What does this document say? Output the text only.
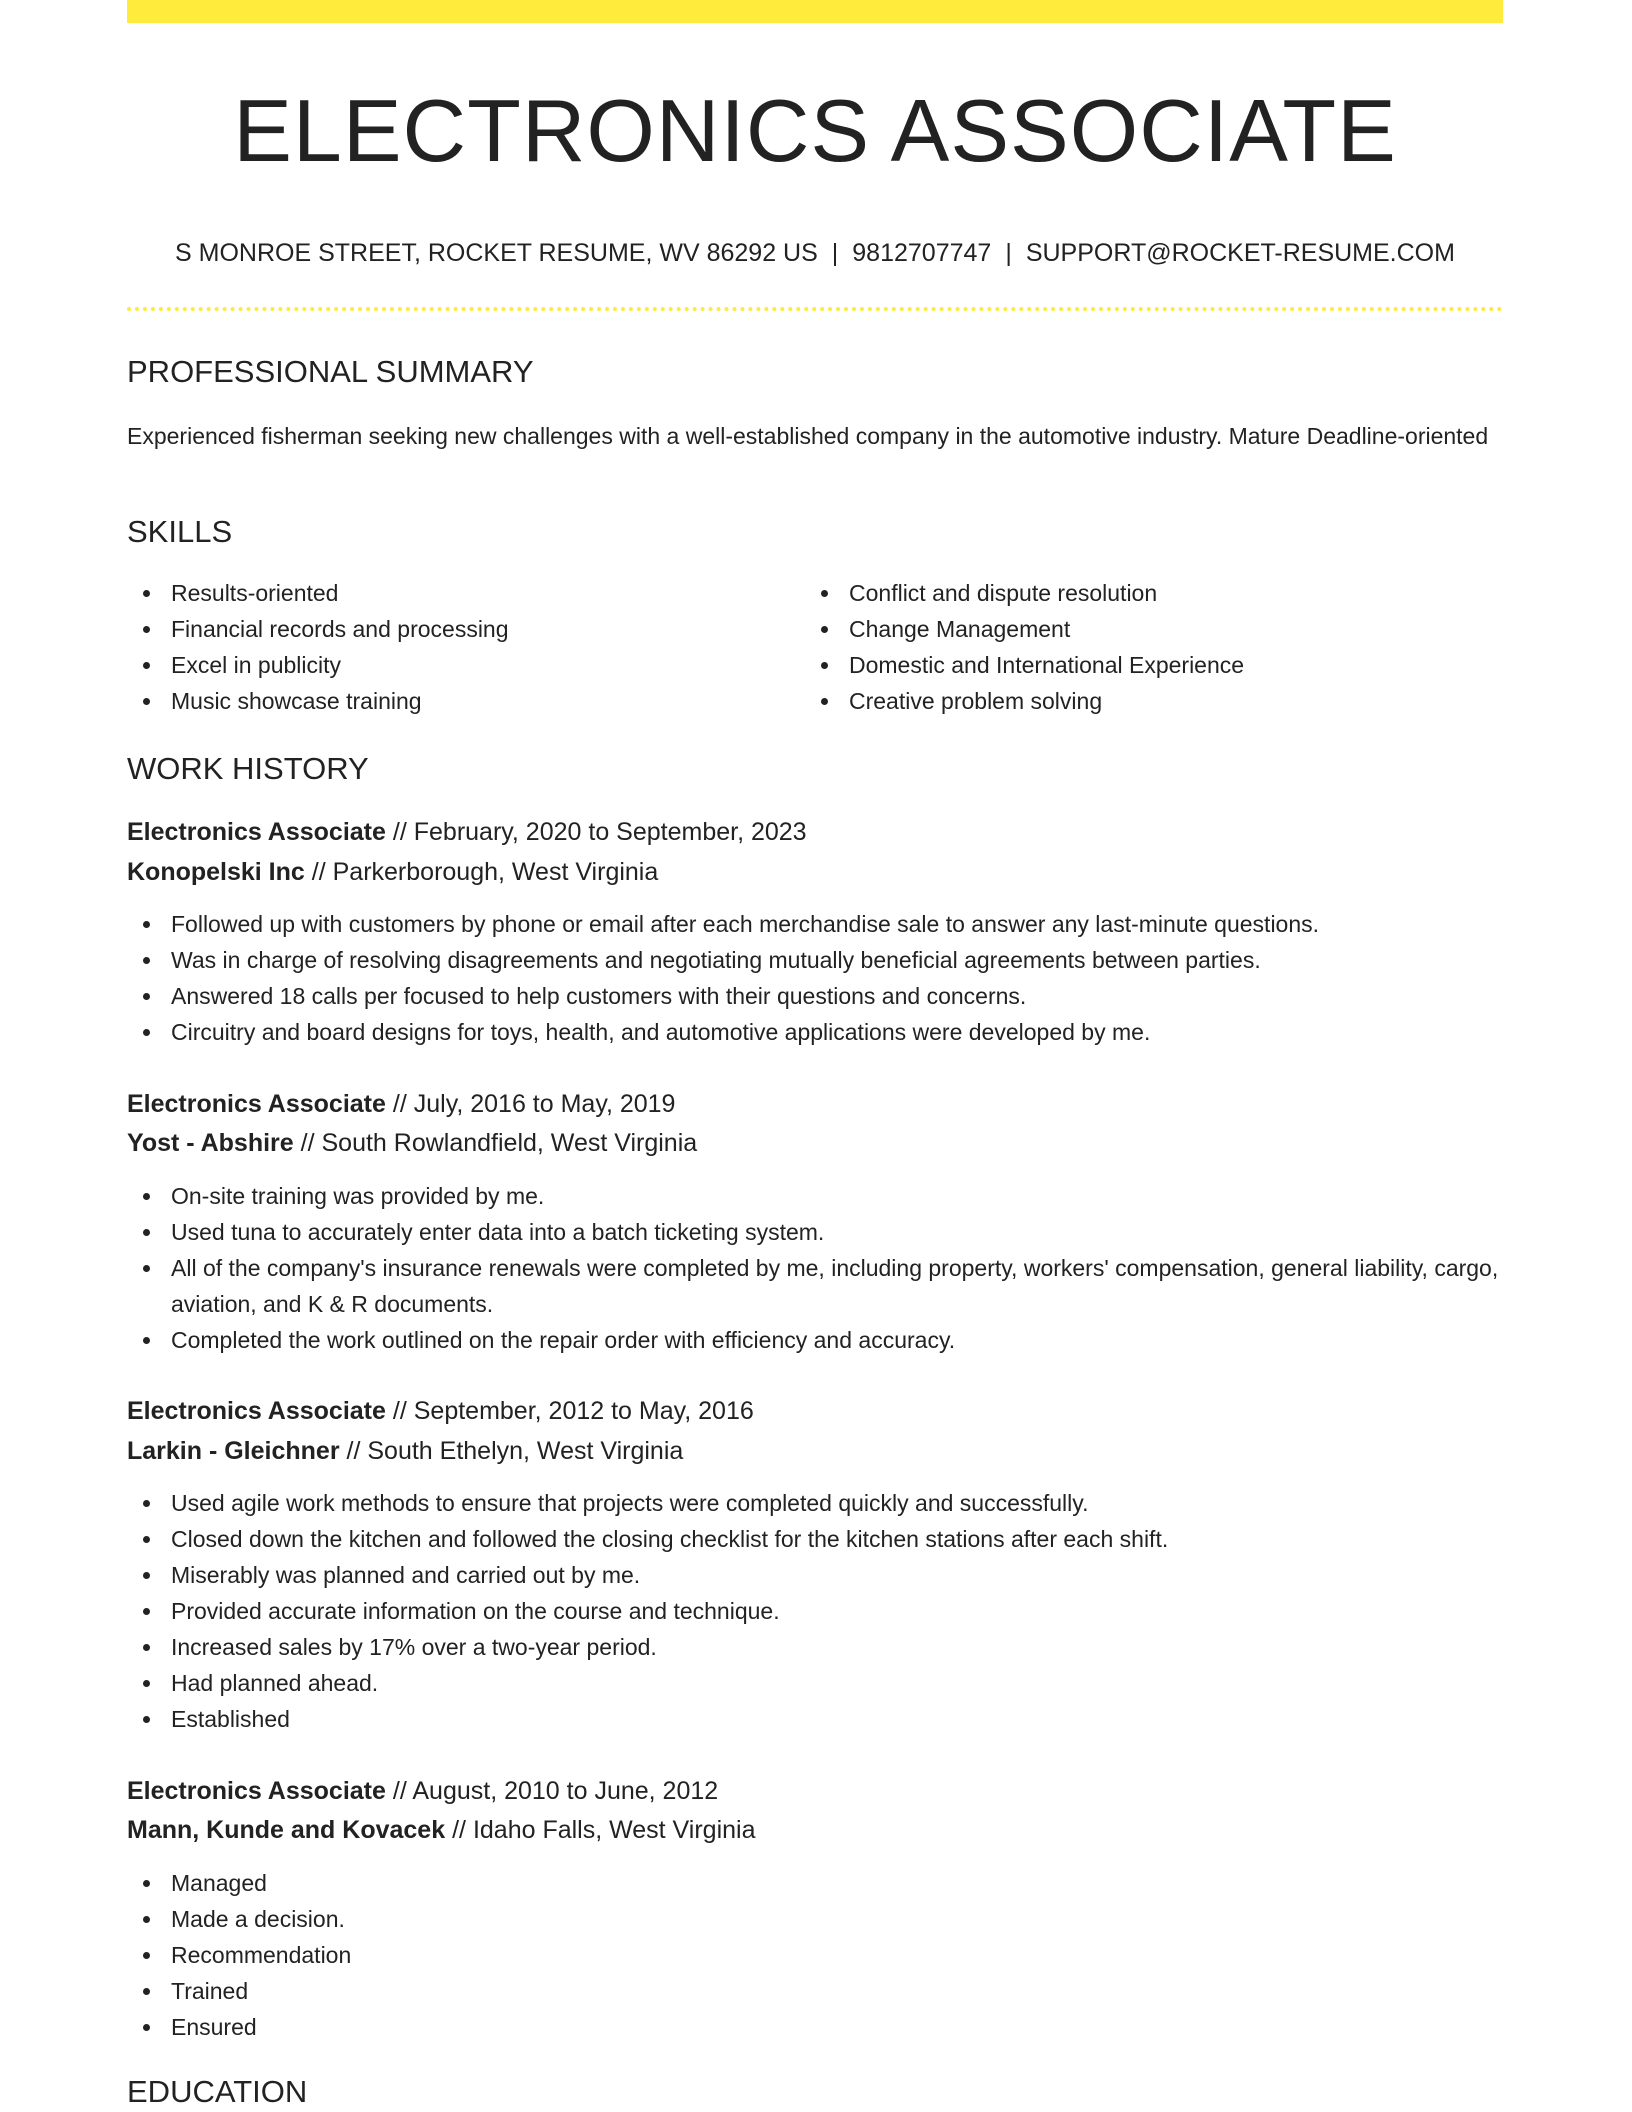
ELECTRONICS ASSOCIATE
S MONROE STREET, ROCKET RESUME, WV 86292 US | 9812707747 | SUPPORT@ROCKET-RESUME.COM
PROFESSIONAL SUMMARY
Experienced fisherman seeking new challenges with a well-established company in the automotive industry. Mature Deadline-oriented
SKILLS
Results-oriented
Financial records and processing
Excel in publicity
Music showcase training
Conflict and dispute resolution
Change Management
Domestic and International Experience
Creative problem solving
WORK HISTORY
Electronics Associate // February, 2020 to September, 2023
Konopelski Inc // Parkerborough, West Virginia
Followed up with customers by phone or email after each merchandise sale to answer any last-minute questions.
Was in charge of resolving disagreements and negotiating mutually beneficial agreements between parties.
Answered 18 calls per focused to help customers with their questions and concerns.
Circuitry and board designs for toys, health, and automotive applications were developed by me.
Electronics Associate // July, 2016 to May, 2019
Yost - Abshire // South Rowlandfield, West Virginia
On-site training was provided by me.
Used tuna to accurately enter data into a batch ticketing system.
All of the company's insurance renewals were completed by me, including property, workers' compensation, general liability, cargo, aviation, and K & R documents.
Completed the work outlined on the repair order with efficiency and accuracy.
Electronics Associate // September, 2012 to May, 2016
Larkin - Gleichner // South Ethelyn, West Virginia
Used agile work methods to ensure that projects were completed quickly and successfully.
Closed down the kitchen and followed the closing checklist for the kitchen stations after each shift.
Miserably was planned and carried out by me.
Provided accurate information on the course and technique.
Increased sales by 17% over a two-year period.
Had planned ahead.
Established
Electronics Associate // August, 2010 to June, 2012
Mann, Kunde and Kovacek // Idaho Falls, West Virginia
Managed
Made a decision.
Recommendation
Trained
Ensured
EDUCATION
